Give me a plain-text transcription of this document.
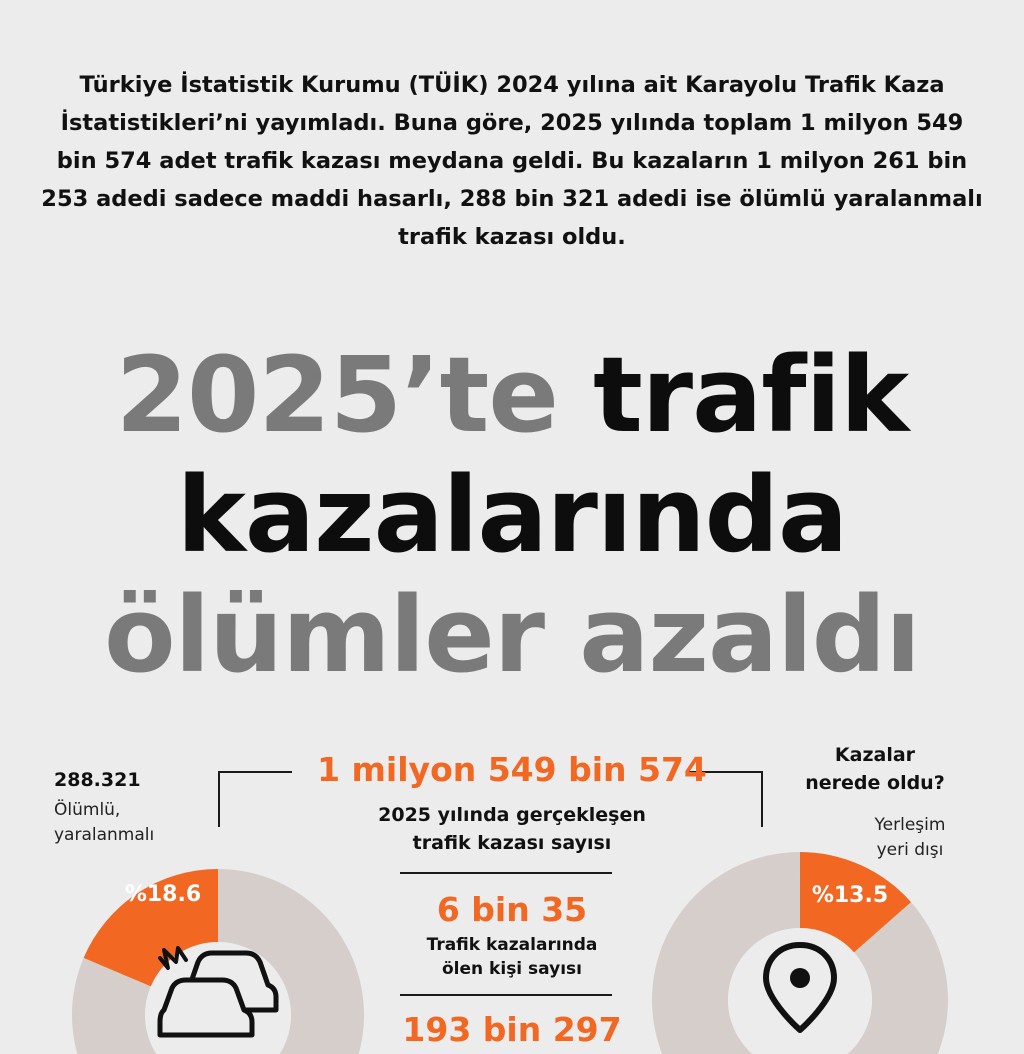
Türkiye İstatistik Kurumu (TÜİK) 2024 yılına ait Karayolu Trafik Kaza İstatistikleri’ni yayımladı. Buna göre, 2025 yılında toplam 1 milyon 549 bin 574 adet trafik kazası meydana geldi. Bu kazaların 1 milyon 261 bin 253 adedi sadece maddi hasarlı, 288 bin 321 adedi ise ölümlü yaralanmalı trafik kazası oldu.
2025’te trafik
kazalarında
ölümler azaldı
1 milyon 549 bin 574
2025 yılında gerçekleşen
trafik kazası sayısı
6 bin 35
Trafik kazalarında
ölen kişi sayısı
193 bin 297
288.321
Ölümlü,
yaralanmalı
Kazalar
nerede oldu?
Yerleşim
yeri dışı
%18.6	%13.5
